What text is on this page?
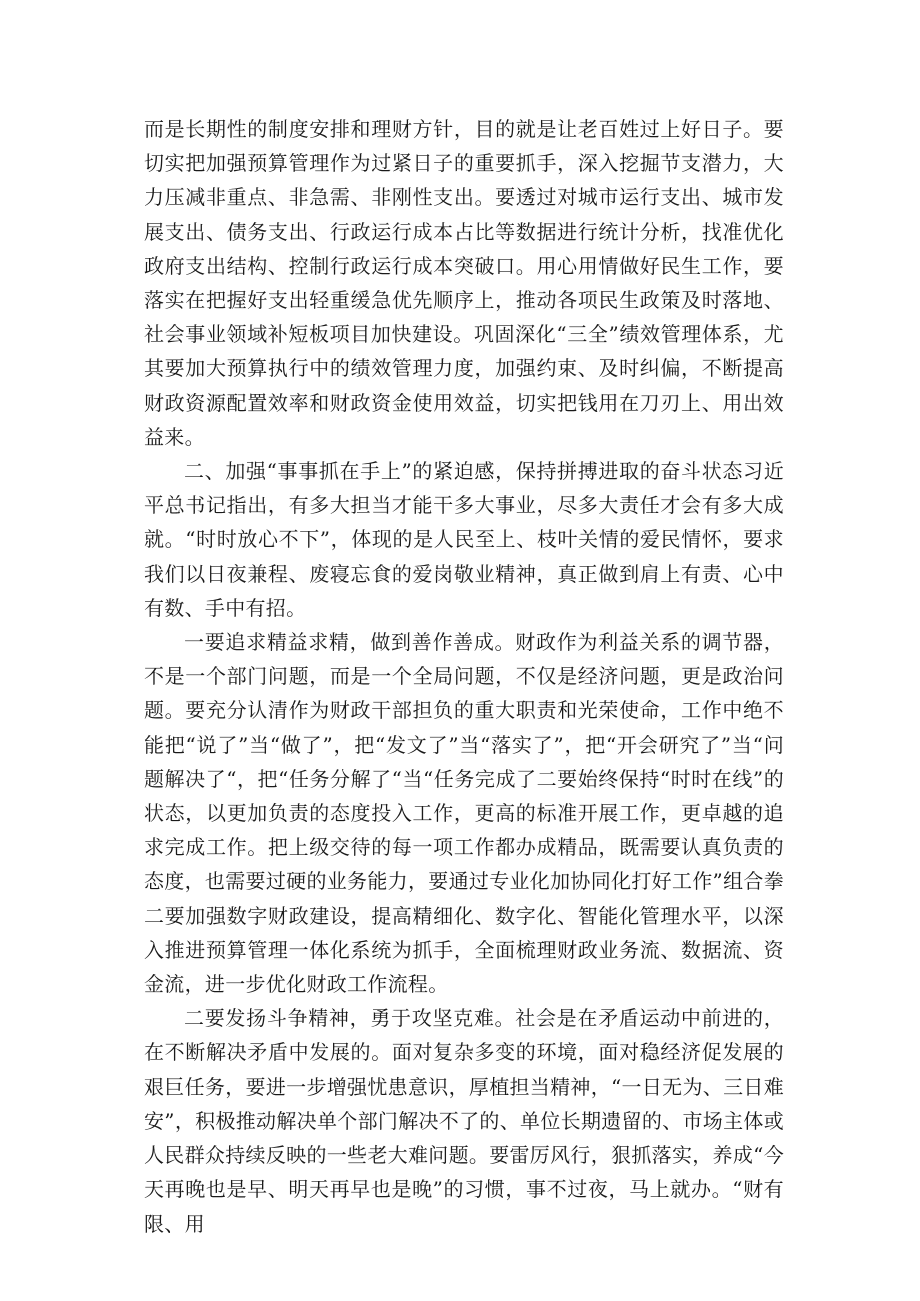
而是长期性的制度安排和理财方针，目的就是让老百姓过上好日子。要切实把加强预算管理作为过紧日子的重要抓手，深入挖掘节支潜力，大力压减非重点、非急需、非刚性支出。要透过对城市运行支出、城市发展支出、债务支出、行政运行成本占比等数据进行统计分析，找准优化政府支出结构、控制行政运行成本突破口。用心用情做好民生工作，要落实在把握好支出轻重缓急优先顺序上，推动各项民生政策及时落地、社会事业领域补短板项目加快建设。巩固深化“三全”绩效管理体系，尤其要加大预算执行中的绩效管理力度，加强约束、及时纠偏，不断提高财政资源配置效率和财政资金使用效益，切实把钱用在刀刃上、用出效益来。

二、加强“事事抓在手上”的紧迫感，保持拼搏进取的奋斗状态习近平总书记指出，有多大担当才能干多大事业，尽多大责任才会有多大成就。“时时放心不下”，体现的是人民至上、枝叶关情的爱民情怀，要求我们以日夜兼程、废寝忘食的爱岗敬业精神，真正做到肩上有责、心中有数、手中有招。

一要追求精益求精，做到善作善成。财政作为利益关系的调节器，不是一个部门问题，而是一个全局问题，不仅是经济问题，更是政治问题。要充分认清作为财政干部担负的重大职责和光荣使命，工作中绝不能把“说了”当“做了”，把“发文了”当“落实了”，把“开会研究了”当“问题解决了“，把“任务分解了“当“任务完成了二要始终保持“时时在线”的状态，以更加负责的态度投入工作，更高的标准开展工作，更卓越的追求完成工作。把上级交待的每一项工作都办成精品，既需要认真负责的态度，也需要过硬的业务能力，要通过专业化加协同化打好工作”组合拳二要加强数字财政建设，提高精细化、数字化、智能化管理水平，以深入推进预算管理一体化系统为抓手，全面梳理财政业务流、数据流、资金流，进一步优化财政工作流程。

二要发扬斗争精神，勇于攻坚克难。社会是在矛盾运动中前进的，在不断解决矛盾中发展的。面对复杂多变的环境，面对稳经济促发展的艰巨任务，要进一步增强忧患意识，厚植担当精神，“一日无为、三日难安”，积极推动解决单个部门解决不了的、单位长期遗留的、市场主体或人民群众持续反映的一些老大难问题。要雷厉风行，狠抓落实，养成“今天再晚也是早、明天再早也是晚”的习惯，事不过夜，马上就办。“财有限、用
